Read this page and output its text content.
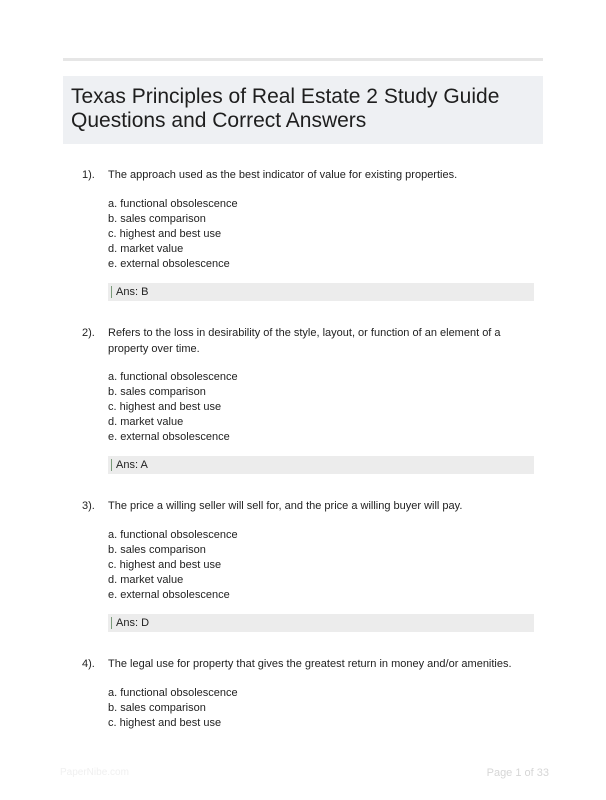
Texas Principles of Real Estate 2 Study Guide
Questions and Correct Answers
1). The approach used as the best indicator of value for existing properties.
a. functional obsolescence
b. sales comparison
c. highest and best use
d. market value
e. external obsolescence
Ans: B
2). Refers to the loss in desirability of the style, layout, or function of an element of a property over time.
a. functional obsolescence
b. sales comparison
c. highest and best use
d. market value
e. external obsolescence
Ans: A
3). The price a willing seller will sell for, and the price a willing buyer will pay.
a. functional obsolescence
b. sales comparison
c. highest and best use
d. market value
e. external obsolescence
Ans: D
4). The legal use for property that gives the greatest return in money and/or amenities.
a. functional obsolescence
b. sales comparison
c. highest and best use
PaperNibe.com	Page 1 of 33
